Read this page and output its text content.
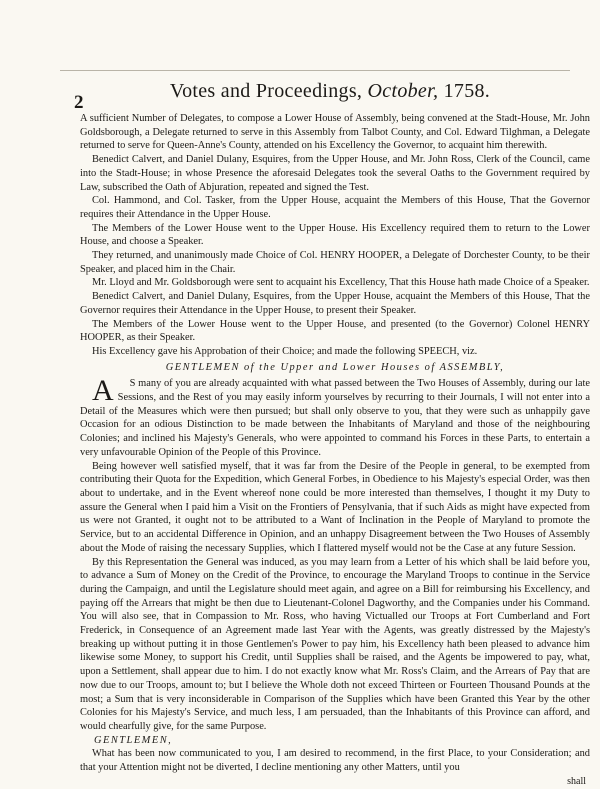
2
Votes and Proceedings, October, 1758.

A sufficient Number of Delegates, to compose a Lower House of Assembly, being convened at the Stadt-House, Mr. John Goldsborough, a Delegate returned to serve in this Assembly from Talbot County, and Col. Edward Tilghman, a Delegate returned to serve for Queen-Anne's County, attended on his Excellency the Governor, to acquaint him therewith.

Benedict Calvert, and Daniel Dulany, Esquires, from the Upper House, and Mr. John Ross, Clerk of the Council, came into the Stadt-House; in whose Presence the aforesaid Delegates took the several Oaths to the Government required by Law, subscribed the Oath of Abjuration, repeated and signed the Test.

Col. Hammond, and Col. Tasker, from the Upper House, acquaint the Members of this House, That the Governor requires their Attendance in the Upper House.

The Members of the Lower House went to the Upper House. His Excellency required them to return to the Lower House, and choose a Speaker.

They returned, and unanimously made Choice of Col. HENRY HOOPER, a Delegate of Dorchester County, to be their Speaker, and placed him in the Chair.

Mr. Lloyd and Mr. Goldsborough were sent to acquaint his Excellency, That this House hath made Choice of a Speaker.

Benedict Calvert, and Daniel Dulany, Esquires, from the Upper House, acquaint the Members of this House, That the Governor requires their Attendance in the Upper House, to present their Speaker.

The Members of the Lower House went to the Upper House, and presented (to the Governor) Colonel HENRY HOOPER, as their Speaker.

His Excellency gave his Approbation of their Choice; and made the following SPEECH, viz.

GENTLEMEN of the Upper and Lower Houses of ASSEMBLY,

A S many of you are already acquainted with what passed between the Two Houses of Assembly, during our late Sessions, and the Rest of you may easily inform yourselves by recurring to their Journals, I will not enter into a Detail of the Measures which were then pursued; but shall only observe to you, that they were such as unhappily gave Occasion for an odious Distinction to be made between the Inhabitants of Maryland and those of the neighbouring Colonies; and inclined his Majesty's Generals, who were appointed to command his Forces in these Parts, to entertain a very unfavourable Opinion of the People of this Province.

Being however well satisfied myself, that it was far from the Desire of the People in general, to be exempted from contributing their Quota for the Expedition, which General Forbes, in Obedience to his Majesty's especial Order, was then about to undertake, and in the Event whereof none could be more interested than themselves, I thought it my Duty to assure the General when I paid him a Visit on the Frontiers of Pensylvania, that if such Aids as might have expected from us were not Granted, it ought not to be attributed to a Want of Inclination in the People of Maryland to promote the Service, but to an accidental Difference in Opinion, and an unhappy Disagreement between the Two Houses of Assembly about the Mode of raising the necessary Supplies, which I flattered myself would not be the Case at any future Session.

By this Representation the General was induced, as you may learn from a Letter of his which shall be laid before you, to advance a Sum of Money on the Credit of the Province, to encourage the Maryland Troops to continue in the Service during the Campaign, and until the Legislature should meet again, and agree on a Bill for reimbursing his Excellency, and paying off the Arrears that might be then due to Lieutenant-Colonel Dagworthy, and the Companies under his Command. You will also see, that in Compassion to Mr. Ross, who having Victualled our Troops at Fort Cumberland and Fort Frederick, in Consequence of an Agreement made last Year with the Agents, was greatly distressed by the Majesty's breaking up without putting it in those Gentlemen's Power to pay him, his Excellency hath been pleased to advance him likewise some Money, to support his Credit, until Supplies shall be raised, and the Agents be impowered to pay, what, upon a Settlement, shall appear due to him. I do not exactly know what Mr. Ross's Claim, and the Arrears of Pay that are now due to our Troops, amount to; but I believe the Whole doth not exceed Thirteen or Fourteen Thousand Pounds at the most; a Sum that is very inconsiderable in Comparison of the Supplies which have been Granted this Year by the other Colonies for his Majesty's Service, and much less, I am persuaded, than the Inhabitants of this Province can afford, and would chearfully give, for the same Purpose.

GENTLEMEN,

What has been now communicated to you, I am desired to recommend, in the first Place, to your Consideration; and that your Attention might not be diverted, I decline mentioning any other Matters, until you

shall
